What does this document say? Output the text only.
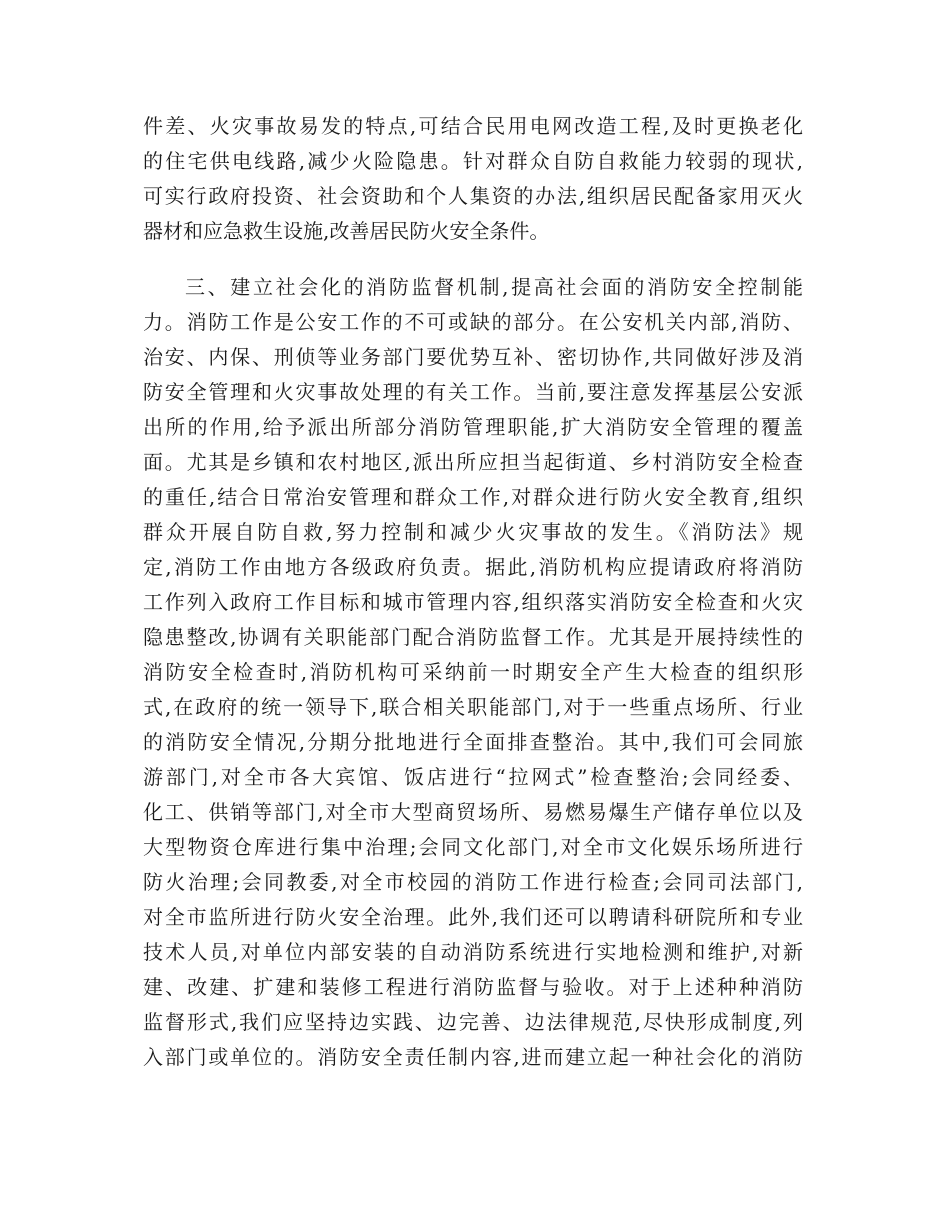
件差、火灾事故易发的特点,可结合民用电网改造工程,及时更换老化
的住宅供电线路,减少火险隐患。针对群众自防自救能力较弱的现状,
可实行政府投资、社会资助和个人集资的办法,组织居民配备家用灭火
器材和应急救生设施,改善居民防火安全条件。
三、建立社会化的消防监督机制,提高社会面的消防安全控制能
力。消防工作是公安工作的不可或缺的部分。在公安机关内部,消防、
治安、内保、刑侦等业务部门要优势互补、密切协作,共同做好涉及消
防安全管理和火灾事故处理的有关工作。当前,要注意发挥基层公安派
出所的作用,给予派出所部分消防管理职能,扩大消防安全管理的覆盖
面。尤其是乡镇和农村地区,派出所应担当起街道、乡村消防安全检查
的重任,结合日常治安管理和群众工作,对群众进行防火安全教育,组织
群众开展自防自救,努力控制和减少火灾事故的发生。《消防法》规
定,消防工作由地方各级政府负责。据此,消防机构应提请政府将消防
工作列入政府工作目标和城市管理内容,组织落实消防安全检查和火灾
隐患整改,协调有关职能部门配合消防监督工作。尤其是开展持续性的
消防安全检查时,消防机构可采纳前一时期安全产生大检查的组织形
式,在政府的统一领导下,联合相关职能部门,对于一些重点场所、行业
的消防安全情况,分期分批地进行全面排查整治。其中,我们可会同旅
游部门,对全市各大宾馆、饭店进行“拉网式”检查整治;会同经委、
化工、供销等部门,对全市大型商贸场所、易燃易爆生产储存单位以及
大型物资仓库进行集中治理;会同文化部门,对全市文化娱乐场所进行
防火治理;会同教委,对全市校园的消防工作进行检查;会同司法部门,
对全市监所进行防火安全治理。此外,我们还可以聘请科研院所和专业
技术人员,对单位内部安装的自动消防系统进行实地检测和维护,对新
建、改建、扩建和装修工程进行消防监督与验收。对于上述种种消防
监督形式,我们应坚持边实践、边完善、边法律规范,尽快形成制度,列
入部门或单位的。消防安全责任制内容,进而建立起一种社会化的消防
